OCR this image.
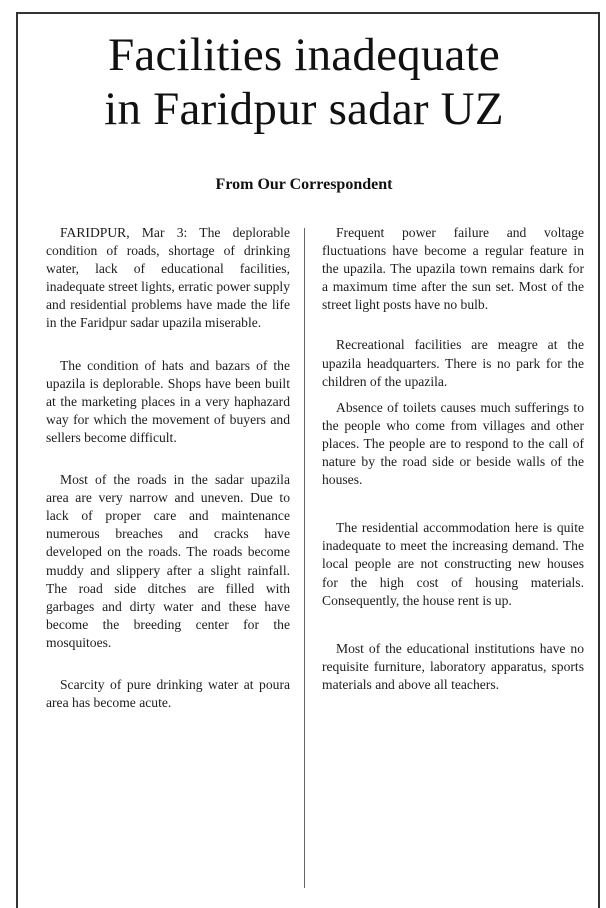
Facilities inadequate
in Faridpur sadar UZ
From Our Correspondent

FARIDPUR, Mar 3: The deplorable condition of roads, shortage of drinking water, lack of educational facilities, inadequate street lights, erratic power supply and residential problems have made the life in the Faridpur sadar upazila miserable.

The condition of hats and bazars of the upazila is deplorable. Shops have been built at the marketing places in a very haphazard way for which the movement of buyers and sellers become difficult.

Most of the roads in the sadar upazila area are very narrow and uneven. Due to lack of proper care and maintenance numerous breaches and cracks have developed on the roads. The roads become muddy and slippery after a slight rainfall. The road side ditches are filled with garbages and dirty water and these have become the breeding center for the mosquitoes.

Scarcity of pure drinking water at poura area has become acute.

Frequent power failure and voltage fluctuations have become a regular feature in the upazila. The upazila town remains dark for a maximum time after the sun set. Most of the street light posts have no bulb.

Recreational facilities are meagre at the upazila headquarters. There is no park for the children of the upazila.

Absence of toilets causes much sufferings to the people who come from villages and other places. The people are to respond to the call of nature by the road side or beside walls of the houses.

The residential accommodation here is quite inadequate to meet the increasing demand. The local people are not constructing new houses for the high cost of housing materials. Consequently, the house rent is up.

Most of the educational institutions have no requisite furniture, laboratory apparatus, sports materials and above all teachers.
